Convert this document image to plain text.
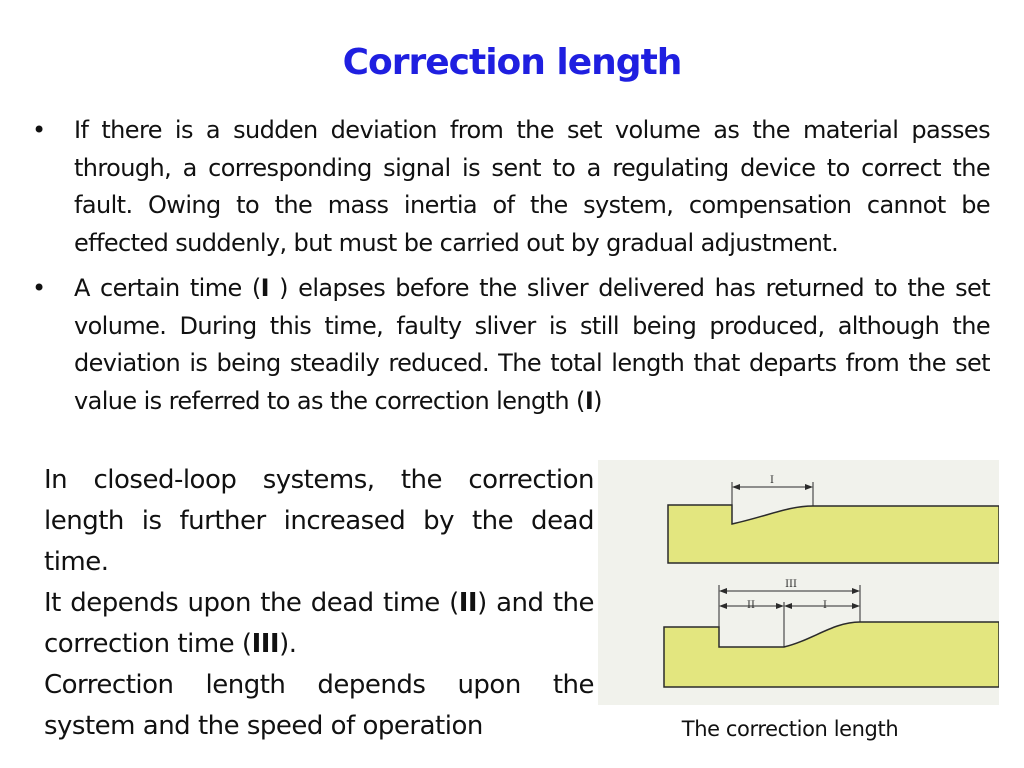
Correction length
• If there is a sudden deviation from the set volume as the material passes through, a corresponding signal is sent to a regulating device to correct the fault. Owing to the mass inertia of the system, compensation cannot be effected suddenly, but must be carried out by gradual adjustment.
• A certain time (I ) elapses before the sliver delivered has returned to the set volume. During this time, faulty sliver is still being produced, although the deviation is being steadily reduced. The total length that departs from the set value is referred to as the correction length (I)

In closed-loop systems, the correction length is further increased by the dead time.

It depends upon the dead time (II) and the correction time (III).

Correction length depends upon the system and the speed of operation

I
III
II	I
The correction length
